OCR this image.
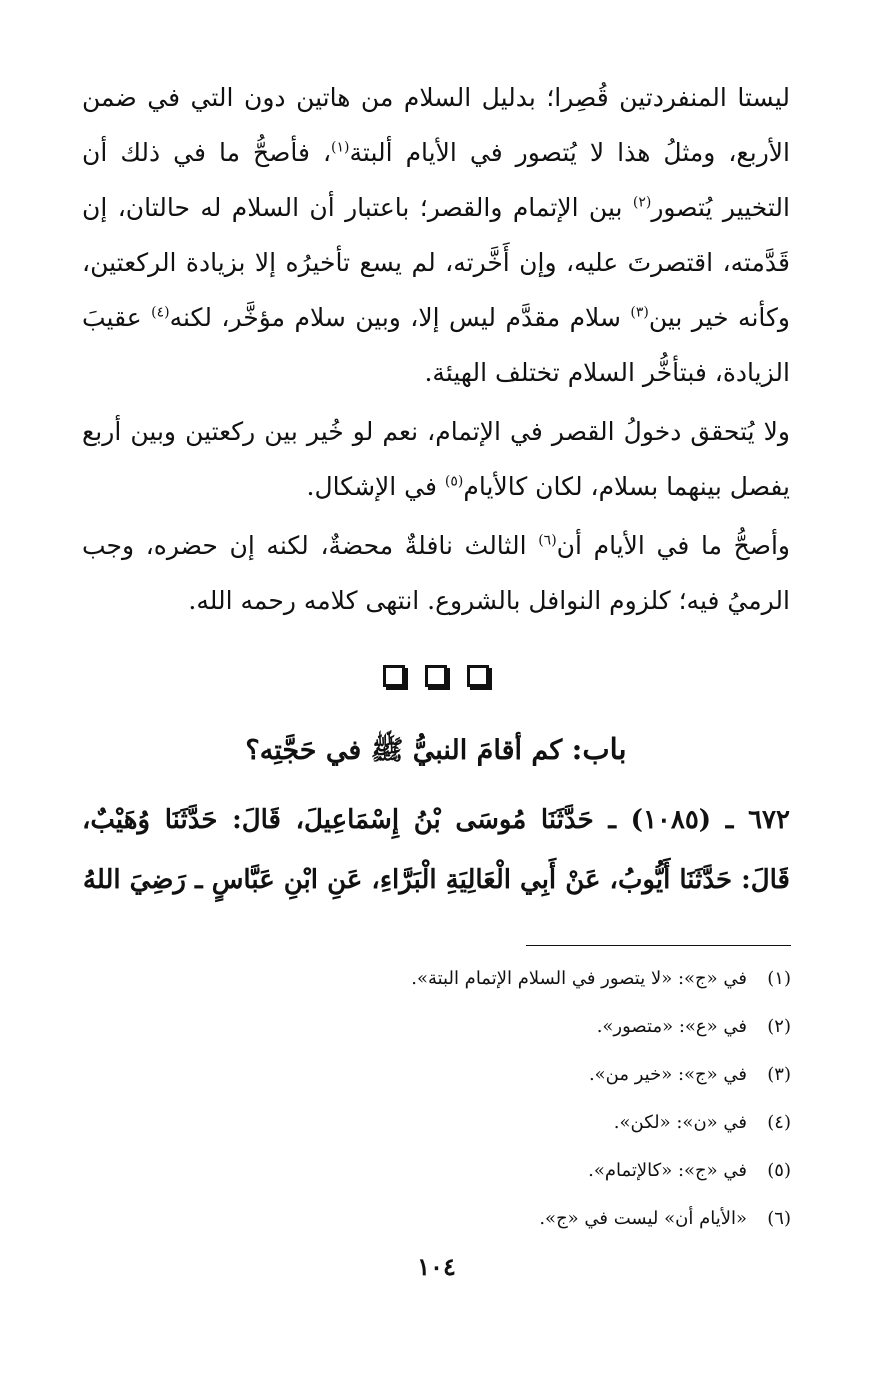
ليستا المنفردتين قُصِرا؛ بدليل السلام من هاتين دون التي في ضمن الأربع، ومثلُ هذا لا يُتصور في الأيام ألبتة$^{(١)}$، فأصحُّ ما في ذلك أن التخيير يُتصور$^{(٢)}$ بين الإتمام والقصر؛ باعتبار أن السلام له حالتان، إن قَدَّمته، اقتصرتَ عليه، وإن أَخَّرته، لم يسع تأخيرُه إلا بزيادة الركعتين، وكأنه خير بين$^{(٣)}$ سلام مقدَّم ليس إلا، وبين سلام مؤخَّر، لكنه$^{(٤)}$ عقيبَ الزيادة، فبتأخُّر السلام تختلف الهيئة.

ولا يُتحقق دخولُ القصر في الإتمام، نعم لو خُير بين ركعتين وبين أربع يفصل بينهما بسلام، لكان كالأيام$^{(٥)}$ في الإشكال.

وأصحُّ ما في الأيام أن$^{(٦)}$ الثالث نافلةٌ محضةٌ، لكنه إن حضره، وجب الرميُ فيه؛ كلزوم النوافل بالشروع. انتهى كلامه رحمه الله.

باب: كم أقامَ النبيُّ ﷺ في حَجَّتِه؟

٦٧٢ ـ (١٠٨٥) ـ حَدَّثَنَا مُوسَى بْنُ إِسْمَاعِيلَ، قَالَ: حَدَّثَنَا وُهَيْبٌ، قَالَ: حَدَّثَنَا أَيُّوبُ، عَنْ أَبِي الْعَالِيَةِ الْبَرَّاءِ، عَنِ ابْنِ عَبَّاسٍ ـ رَضِيَ اللهُ

(١)في «ج»: «لا يتصور في السلام الإتمام البتة».
(٢)في «ع»: «متصور».
(٣)في «ج»: «خير من».
(٤)في «ن»: «لكن».
(٥)في «ج»: «كالإتمام».
(٦)«الأيام أن» ليست في «ج».
١٠٤
